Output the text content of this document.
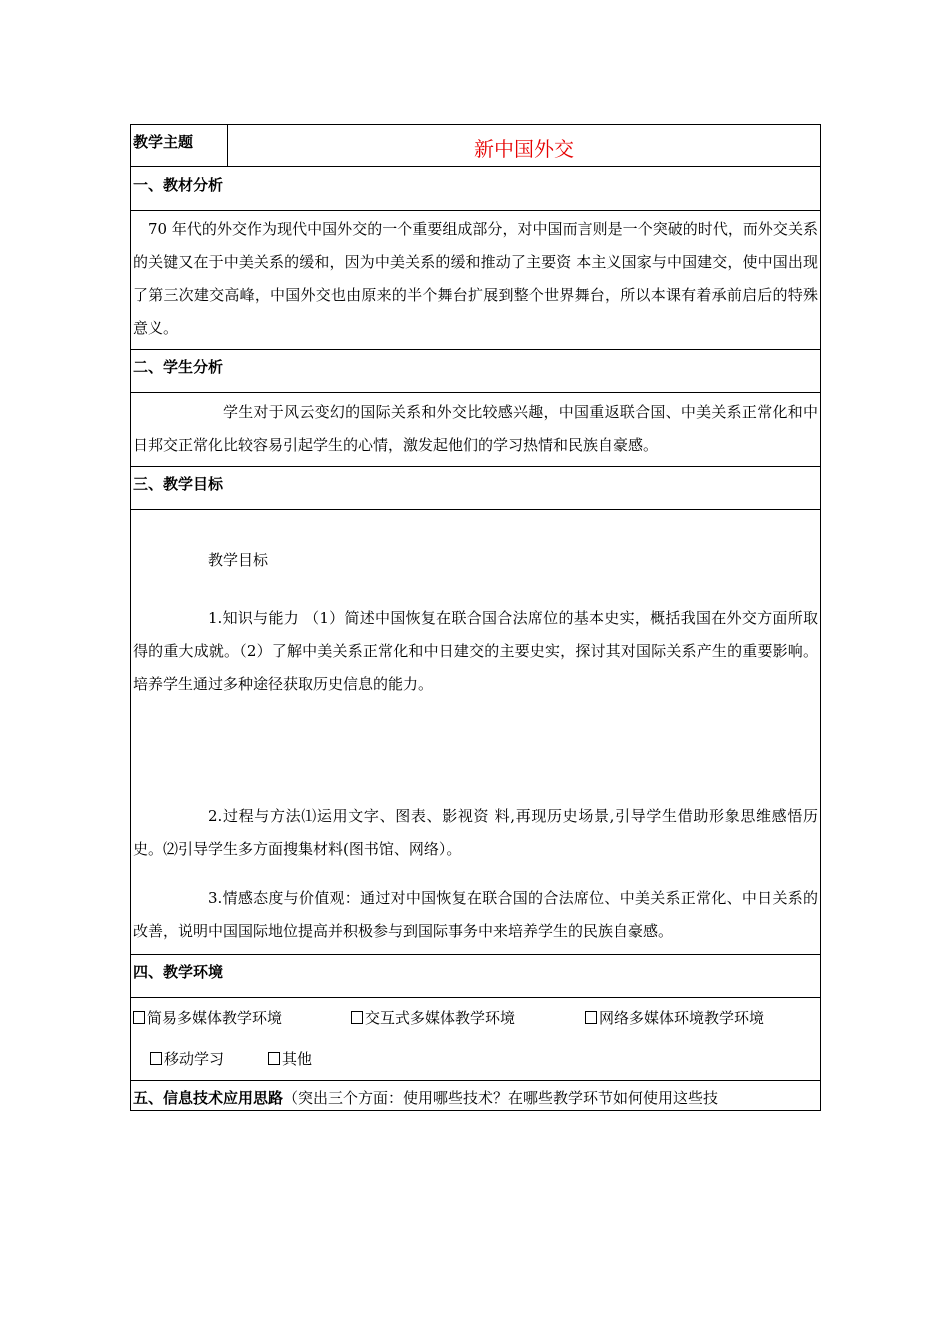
教学主题	新中国外交
一、教材分析

70 年代的外交作为现代中国外交的一个重要组成部分，对中国而言则是一个突破的时代，而外交关系的关键又在于中美关系的缓和，因为中美关系的缓和推动了主要资 本主义国家与中国建交，使中国出现了第三次建交高峰，中国外交也由原来的半个舞台扩展到整个世界舞台，所以本课有着承前启后的特殊意义。

二、学生分析

学生对于风云变幻的国际关系和外交比较感兴趣，中国重返联合国、中美关系正常化和中日邦交正常化比较容易引起学生的心情，激发起他们的学习热情和民族自豪感。

三、教学目标

教学目标

1.知识与能力 （1）简述中国恢复在联合国合法席位的基本史实，概括我国在外交方面所取得的重大成就。（2）了解中美关系正常化和中日建交的主要史实，探讨其对国际关系产生的重要影响。培养学生通过多种途径获取历史信息的能力。

2.过程与方法⑴运用文字、图表、影视资 料,再现历史场景,引导学生借助形象思维感悟历史。⑵引导学生多方面搜集材料(图书馆、网络）。

3.情感态度与价值观：通过对中国恢复在联合国的合法席位、中美关系正常化、中日关系的改善，说明中国国际地位提高并积极参与到国际事务中来培养学生的民族自豪感。

四、教学环境

简易多媒体教学环境	交互式多媒体教学环境	网络多媒体环境教学环境
移动学习	其他

五、信息技术应用思路（突出三个方面：使用哪些技术？在哪些教学环节如何使用这些技
